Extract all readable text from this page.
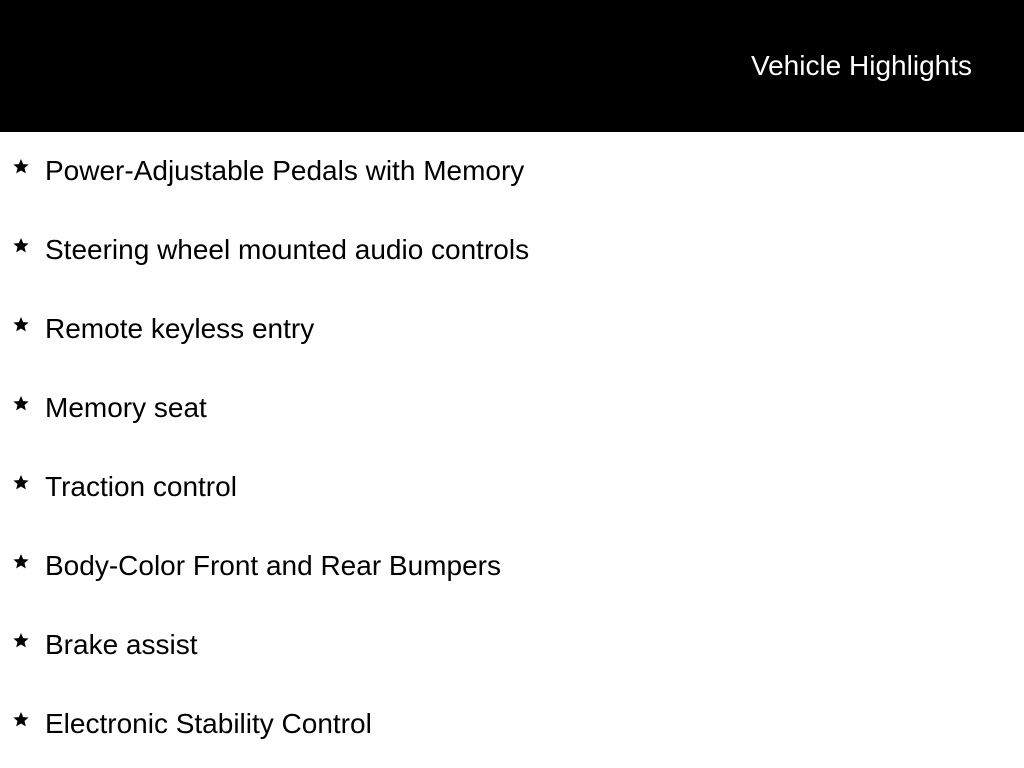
Vehicle Highlights
Power-Adjustable Pedals with Memory
Steering wheel mounted audio controls
Remote keyless entry
Memory seat
Traction control
Body-Color Front and Rear Bumpers
Brake assist
Electronic Stability Control
